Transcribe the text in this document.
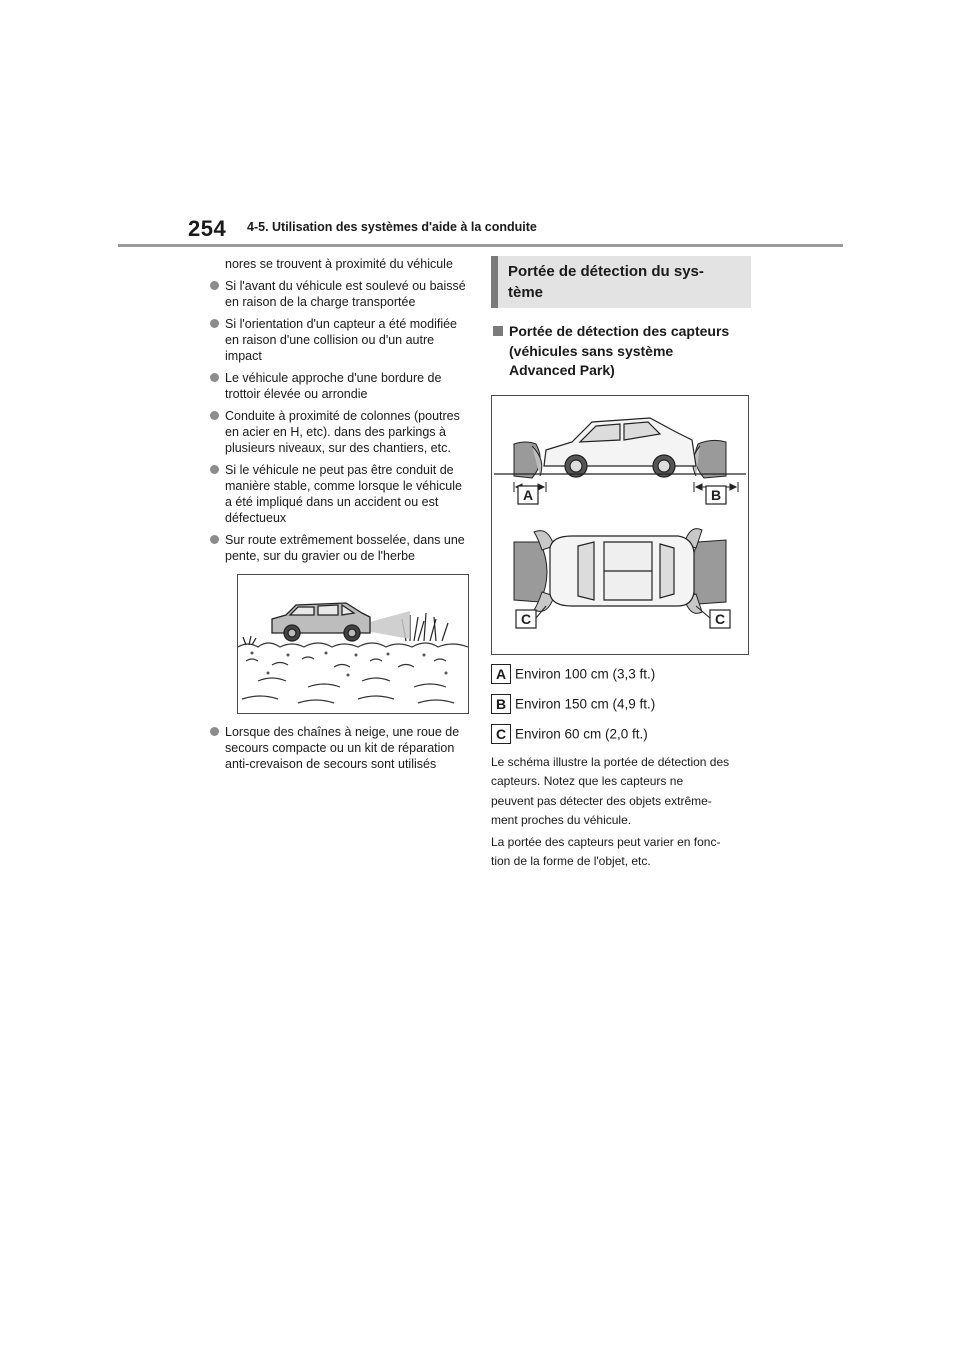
254 4-5. Utilisation des systèmes d'aide à la conduite

nores se trouvent à proximité du véhicule

Si l'avant du véhicule est soulevé ou baissé en raison de la charge transportée
Si l'orientation d'un capteur a été modifiée en raison d'une collision ou d'un autre impact
Le véhicule approche d'une bordure de trottoir élevée ou arrondie
Conduite à proximité de colonnes (poutres en acier en H, etc). dans des parkings à plusieurs niveaux, sur des chantiers, etc.
Si le véhicule ne peut pas être conduit de manière stable, comme lorsque le véhicule a été impliqué dans un accident ou est défectueux
Sur route extrêmement bosselée, dans une pente, sur du gravier ou de l'herbe
Lorsque des chaînes à neige, une roue de secours compacte ou un kit de réparation anti-crevaison de secours sont utilisés
Portée de détection du sys-
tème
Portée de détection des capteurs
(véhicules sans système
Advanced Park)
A	B
C	C
A Environ 100 cm (3,3 ft.)
B Environ 150 cm (4,9 ft.)
C Environ 60 cm (2,0 ft.)
Le schéma illustre la portée de détection des
capteurs. Notez que les capteurs ne
peuvent pas détecter des objets extrême-
ment proches du véhicule.
La portée des capteurs peut varier en fonc-
tion de la forme de l'objet, etc.
